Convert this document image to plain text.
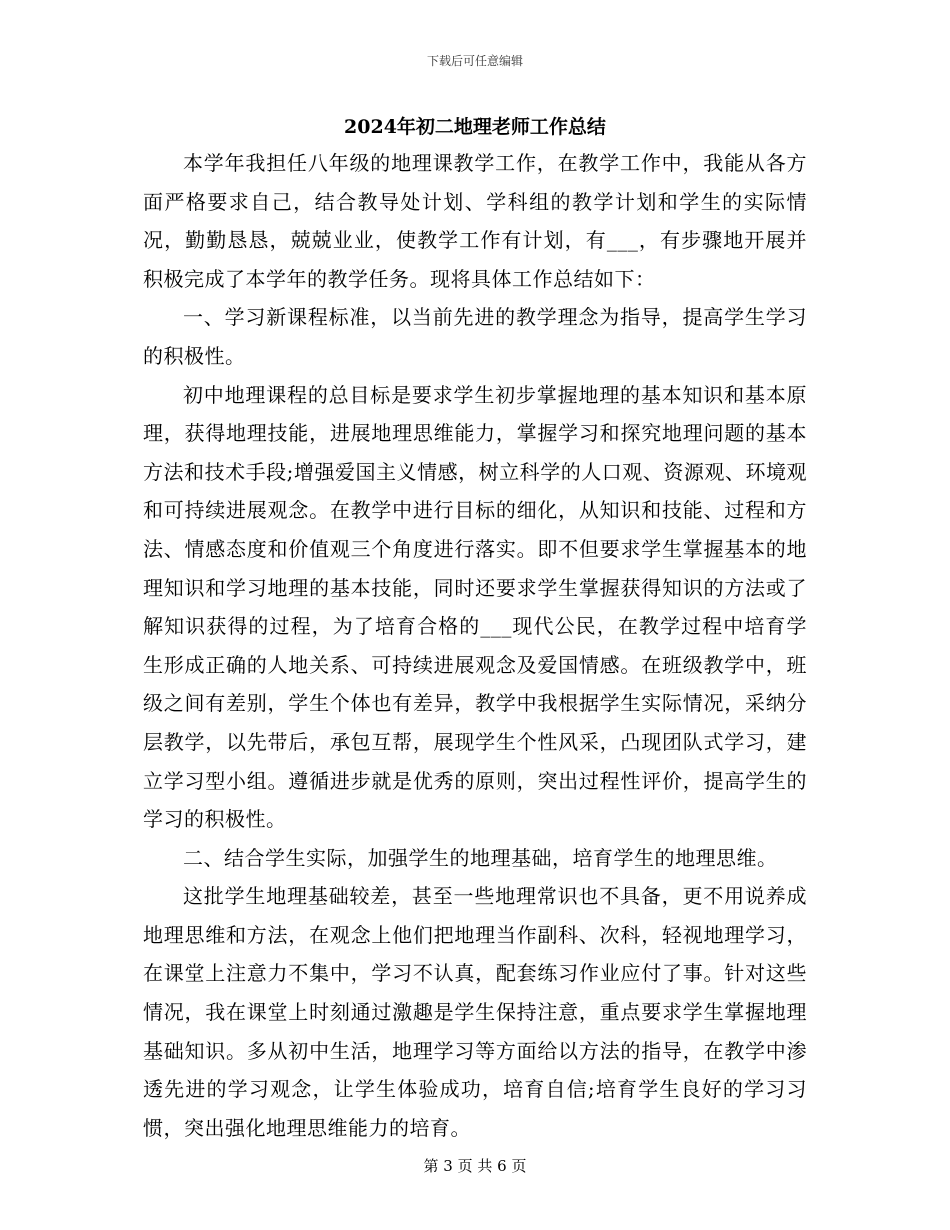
下载后可任意编辑
2024年初二地理老师工作总结

本学年我担任八年级的地理课教学工作，在教学工作中，我能从各方面严格要求自己，结合教导处计划、学科组的教学计划和学生的实际情况，勤勤恳恳，兢兢业业，使教学工作有计划，有___，有步骤地开展并积极完成了本学年的教学任务。现将具体工作总结如下：

一、学习新课程标准，以当前先进的教学理念为指导，提高学生学习的积极性。

初中地理课程的总目标是要求学生初步掌握地理的基本知识和基本原理，获得地理技能，进展地理思维能力，掌握学习和探究地理问题的基本方法和技术手段;增强爱国主义情感，树立科学的人口观、资源观、环境观和可持续进展观念。在教学中进行目标的细化，从知识和技能、过程和方法、情感态度和价值观三个角度进行落实。即不但要求学生掌握基本的地理知识和学习地理的基本技能，同时还要求学生掌握获得知识的方法或了解知识获得的过程，为了培育合格的___现代公民，在教学过程中培育学生形成正确的人地关系、可持续进展观念及爱国情感。在班级教学中，班级之间有差别，学生个体也有差异，教学中我根据学生实际情况，采纳分层教学，以先带后，承包互帮，展现学生个性风采，凸现团队式学习，建立学习型小组。遵循进步就是优秀的原则，突出过程性评价，提高学生的学习的积极性。

二、结合学生实际，加强学生的地理基础，培育学生的地理思维。

这批学生地理基础较差，甚至一些地理常识也不具备，更不用说养成地理思维和方法，在观念上他们把地理当作副科、次科，轻视地理学习，在课堂上注意力不集中，学习不认真，配套练习作业应付了事。针对这些情况，我在课堂上时刻通过激趣是学生保持注意，重点要求学生掌握地理基础知识。多从初中生活，地理学习等方面给以方法的指导，在教学中渗透先进的学习观念，让学生体验成功，培育自信;培育学生良好的学习习惯，突出强化地理思维能力的培育。

第 3 页 共 6 页
